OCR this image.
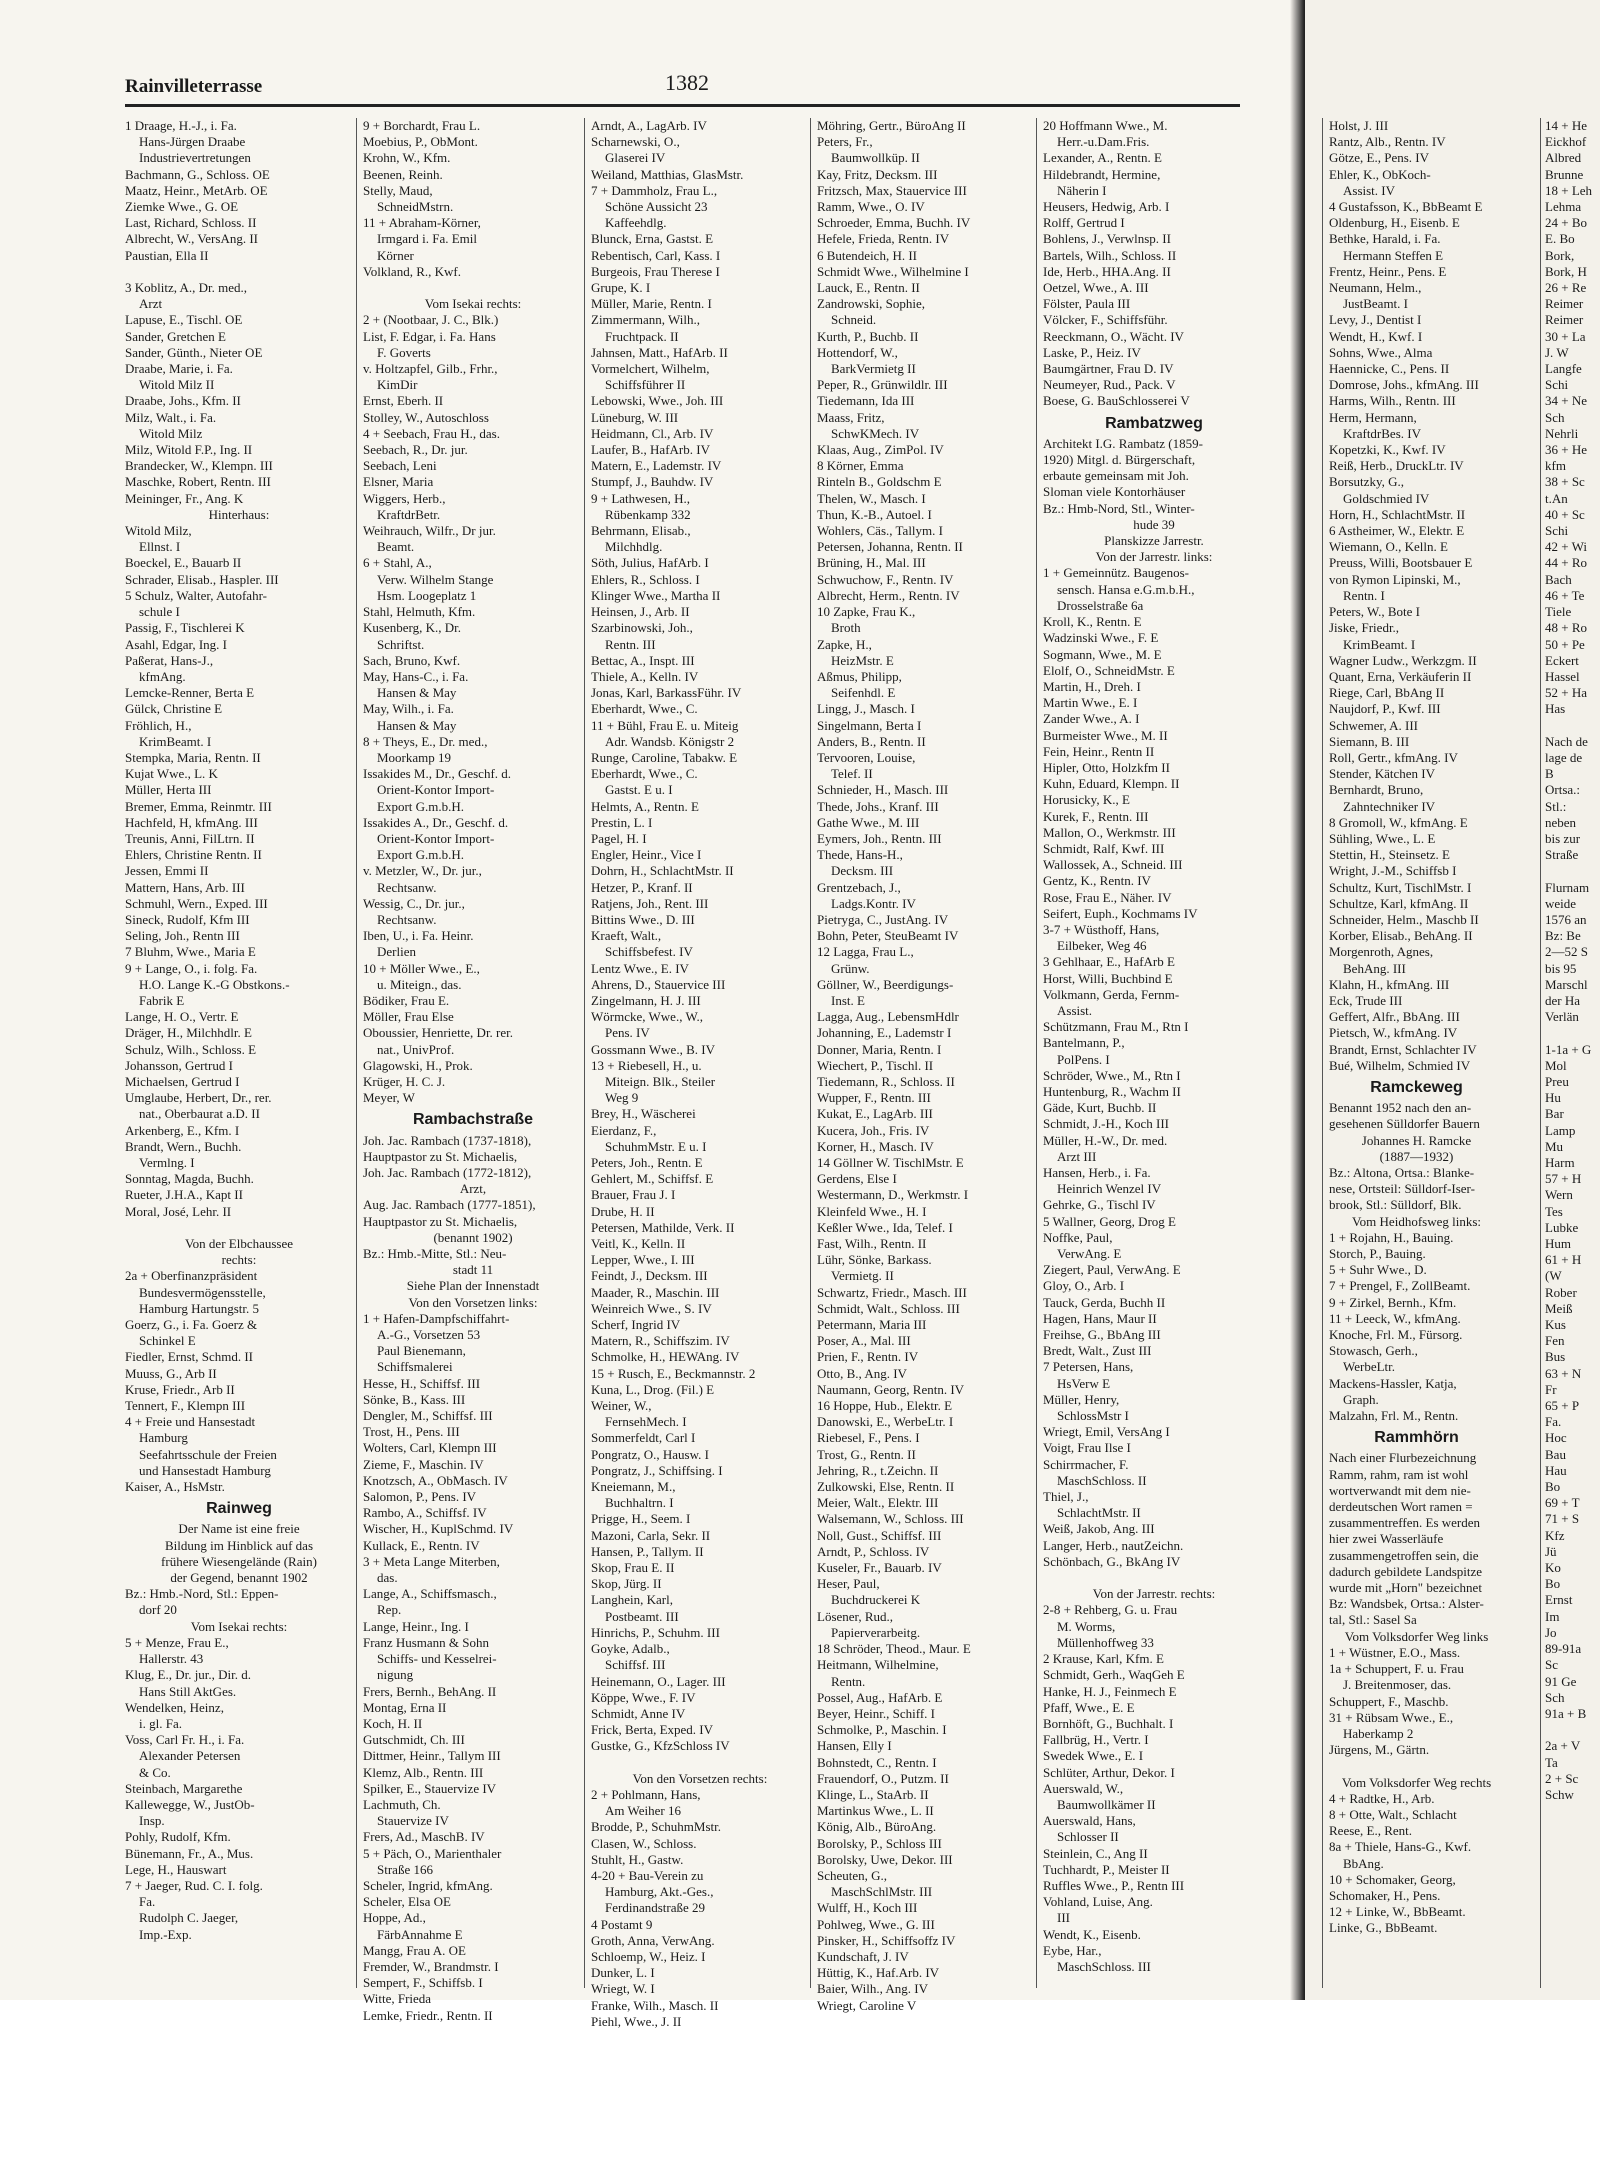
Rainvilleterrasse	1382
1 Draage, H.-J., i. Fa.
Hans-Jürgen Draabe
Industrievertretungen
Bachmann, G., Schloss. OE
Maatz, Heinr., MetArb. OE
Ziemke Wwe., G. OE
Last, Richard, Schloss. II
Albrecht, W., VersAng. II
Paustian, Ella II

3 Koblitz, A., Dr. med.,
Arzt
Lapuse, E., Tischl. OE
Sander, Gretchen E
Sander, Günth., Nieter OE
Draabe, Marie, i. Fa.
Witold Milz II
Draabe, Johs., Kfm. II
Milz, Walt., i. Fa.
Witold Milz
Milz, Witold F.P., Ing. II
Brandecker, W., Klempn. III
Maschke, Robert, Rentn. III
Meininger, Fr., Ang. K
Hinterhaus:
Witold Milz,
Ellnst. I
Boeckel, E., Bauarb II
Schrader, Elisab., Haspler. III
5 Schulz, Walter, Autofahr-
schule I
Passig, F., Tischlerei K
Asahl, Edgar, Ing. I
Paßerat, Hans-J.,
kfmAng.
Lemcke-Renner, Berta E
Gülck, Christine E
Fröhlich, H.,
KrimBeamt. I
Stempka, Maria, Rentn. II
Kujat Wwe., L. K
Müller, Herta III
Bremer, Emma, Reinmtr. III
Hachfeld, H, kfmAng. III
Treunis, Anni, FilLtrn. II
Ehlers, Christine Rentn. II
Jessen, Emmi II
Mattern, Hans, Arb. III
Schmuhl, Wern., Exped. III
Sineck, Rudolf, Kfm III
Seling, Joh., Rentn III
7 Bluhm, Wwe., Maria E
9 + Lange, O., i. folg. Fa.
H.O. Lange K.-G Obstkons.-
Fabrik E
Lange, H. O., Vertr. E
Dräger, H., Milchhdlr. E
Schulz, Wilh., Schloss. E
Johansson, Gertrud I
Michaelsen, Gertrud I
Umglaube, Herbert, Dr., rer.
nat., Oberbaurat a.D. II
Arkenberg, E., Kfm. I
Brandt, Wern., Buchh.
Vermlng. I
Sonntag, Magda, Buchh.
Rueter, J.H.A., Kapt II
Moral, José, Lehr. II

Von der Elbchaussee
rechts:
2a + Oberfinanzpräsident
Bundesvermögensstelle,
Hamburg Hartungstr. 5
Goerz, G., i. Fa. Goerz &
Schinkel E
Fiedler, Ernst, Schmd. II
Muuss, G., Arb II
Kruse, Friedr., Arb II
Tennert, F., Klempn III
4 + Freie und Hansestadt
Hamburg
Seefahrtsschule der Freien
und Hansestadt Hamburg
Kaiser, A., HsMstr.
Rainweg
Der Name ist eine freie
Bildung im Hinblick auf das
frühere Wiesengelände (Rain)
der Gegend, benannt 1902
Bz.: Hmb.-Nord, Stl.: Eppen-
dorf 20
Vom Isekai rechts:
5 + Menze, Frau E.,
Hallerstr. 43
Klug, E., Dr. jur., Dir. d.
Hans Still AktGes.
Wendelken, Heinz,
i. gl. Fa.
Voss, Carl Fr. H., i. Fa.
Alexander Petersen
& Co.
Steinbach, Margarethe
Kallewegge, W., JustOb-
Insp.
Pohly, Rudolf, Kfm.
Bünemann, Fr., A., Mus.
Lege, H., Hauswart
7 + Jaeger, Rud. C. I. folg.
Fa.
Rudolph C. Jaeger,
Imp.-Exp.
9 + Borchardt, Frau L.
Moebius, P., ObMont.
Krohn, W., Kfm.
Beenen, Reinh.
Stelly, Maud,
SchneidMstrn.
11 + Abraham-Körner,
Irmgard i. Fa. Emil
Körner
Volkland, R., Kwf.

Vom Isekai rechts:
2 + (Nootbaar, J. C., Blk.)
List, F. Edgar, i. Fa. Hans
F. Goverts
v. Holtzapfel, Gilb., Frhr.,
KimDir
Ernst, Eberh. II
Stolley, W., Autoschloss
4 + Seebach, Frau H., das.
Seebach, R., Dr. jur.
Seebach, Leni
Elsner, Maria
Wiggers, Herb.,
KraftdrBetr.
Weihrauch, Wilfr., Dr jur.
Beamt.
6 + Stahl, A.,
Verw. Wilhelm Stange
Hsm. Loogeplatz 1
Stahl, Helmuth, Kfm.
Kusenberg, K., Dr.
Schriftst.
Sach, Bruno, Kwf.
May, Hans-C., i. Fa.
Hansen & May
May, Wilh., i. Fa.
Hansen & May
8 + Theys, E., Dr. med.,
Moorkamp 19
Issakides M., Dr., Geschf. d.
Orient-Kontor Import-
Export G.m.b.H.
Issakides A., Dr., Geschf. d.
Orient-Kontor Import-
Export G.m.b.H.
v. Metzler, W., Dr. jur.,
Rechtsanw.
Wessig, C., Dr. jur.,
Rechtsanw.
Iben, U., i. Fa. Heinr.
Derlien
10 + Möller Wwe., E.,
u. Miteign., das.
Bödiker, Frau E.
Möller, Frau Else
Oboussier, Henriette, Dr. rer.
nat., UnivProf.
Glagowski, H., Prok.
Krüger, H. C. J.
Meyer, W
Rambachstraße
Joh. Jac. Rambach (1737-1818),
Hauptpastor zu St. Michaelis,
Joh. Jac. Rambach (1772-1812),
Arzt,
Aug. Jac. Rambach (1777-1851),
Hauptpastor zu St. Michaelis,
(benannt 1902)
Bz.: Hmb.-Mitte, Stl.: Neu-
stadt 11
Siehe Plan der Innenstadt
Von den Vorsetzen links:
1 + Hafen-Dampfschiffahrt-
A.-G., Vorsetzen 53
Paul Bienemann,
Schiffsmalerei
Hesse, H., Schiffsf. III
Sönke, B., Kass. III
Dengler, M., Schiffsf. III
Trost, H., Pens. III
Wolters, Carl, Klempn III
Zieme, F., Maschin. IV
Knotzsch, A., ObMasch. IV
Salomon, P., Pens. IV
Rambo, A., Schiffsf. IV
Wischer, H., KuplSchmd. IV
Kullack, E., Rentn. IV
3 + Meta Lange Miterben,
das.
Lange, A., Schiffsmasch.,
Rep.
Lange, Heinr., Ing. I
Franz Husmann & Sohn
Schiffs- und Kesselrei-
nigung
Frers, Bernh., BehAng. II
Montag, Erna II
Koch, H. II
Gutschmidt, Ch. III
Dittmer, Heinr., Tallym III
Klemz, Alb., Rentn. III
Spilker, E., Stauervize IV
Lachmuth, Ch.
Stauervize IV
Frers, Ad., MaschB. IV
5 + Päch, O., Marienthaler
Straße 166
Scheler, Ingrid, kfmAng.
Scheler, Elsa OE
Hoppe, Ad.,
FärbAnnahme E
Mangg, Frau A. OE
Fremder, W., Brandmstr. I
Sempert, F., Schiffsb. I
Witte, Frieda
Lemke, Friedr., Rentn. II
Arndt, A., LagArb. IV
Scharnewski, O.,
Glaserei IV
Weiland, Matthias, GlasMstr.
7 + Dammholz, Frau L.,
Schöne Aussicht 23
Kaffeehdlg.
Blunck, Erna, Gastst. E
Rebentisch, Carl, Kass. I
Burgeois, Frau Therese I
Grupe, K. I
Müller, Marie, Rentn. I
Zimmermann, Wilh.,
Fruchtpack. II
Jahnsen, Matt., HafArb. II
Vormelchert, Wilhelm,
Schiffsführer II
Lebowski, Wwe., Joh. III
Lüneburg, W. III
Heidmann, Cl., Arb. IV
Laufer, B., HafArb. IV
Matern, E., Lademstr. IV
Stumpf, J., Bauhdw. IV
9 + Lathwesen, H.,
Rübenkamp 332
Behrmann, Elisab.,
Milchhdlg.
Söth, Julius, HafArb. I
Ehlers, R., Schloss. I
Klinger Wwe., Martha II
Heinsen, J., Arb. II
Szarbinowski, Joh.,
Rentn. III
Bettac, A., Inspt. III
Thiele, A., Kelln. IV
Jonas, Karl, BarkassFühr. IV
Eberhardt, Wwe., C.
11 + Bühl, Frau E. u. Miteig
Adr. Wandsb. Königstr 2
Runge, Caroline, Tabakw. E
Eberhardt, Wwe., C.
Gastst. E u. I
Helmts, A., Rentn. E
Prestin, L. I
Pagel, H. I
Engler, Heinr., Vice I
Dohrn, H., SchlachtMstr. II
Hetzer, P., Kranf. II
Ratjens, Joh., Rent. III
Bittins Wwe., D. III
Kraeft, Walt.,
Schiffsbefest. IV
Lentz Wwe., E. IV
Ahrens, D., Stauervice III
Zingelmann, H. J. III
Wörmcke, Wwe., W.,
Pens. IV
Gossmann Wwe., B. IV
13 + Riebesell, H., u.
Miteign. Blk., Steiler
Weg 9
Brey, H., Wäscherei
Eierdanz, F.,
SchuhmMstr. E u. I
Peters, Joh., Rentn. E
Gehlert, M., Schiffsf. E
Brauer, Frau J. I
Drube, H. II
Petersen, Mathilde, Verk. II
Veitl, K., Kelln. II
Lepper, Wwe., I. III
Feindt, J., Decksm. III
Maader, R., Maschin. III
Weinreich Wwe., S. IV
Scherf, Ingrid IV
Matern, R., Schiffszim. IV
Schmolke, H., HEWAng. IV
15 + Rusch, E., Beckmannstr. 2
Kuna, L., Drog. (Fil.) E
Weiner, W.,
FernsehMech. I
Sommerfeldt, Carl I
Pongratz, O., Hausw. I
Pongratz, J., Schiffsing. I
Kneiemann, M.,
Buchhaltrn. I
Prigge, H., Seem. I
Mazoni, Carla, Sekr. II
Hansen, P., Tallym. II
Skop, Frau E. II
Skop, Jürg. II
Langhein, Karl,
Postbeamt. III
Hinrichs, P., Schuhm. III
Goyke, Adalb.,
Schiffsf. III
Heinemann, O., Lager. III
Köppe, Wwe., F. IV
Schmidt, Anne IV
Frick, Berta, Exped. IV
Gustke, G., KfzSchloss IV

Von den Vorsetzen rechts:
2 + Pohlmann, Hans,
Am Weiher 16
Brodde, P., SchuhmMstr.
Clasen, W., Schloss.
Stuhlt, H., Gastw.
4-20 + Bau-Verein zu
Hamburg, Akt.-Ges.,
Ferdinandstraße 29
4 Postamt 9
Groth, Anna, VerwAng.
Schloemp, W., Heiz. I
Dunker, L. I
Wriegt, W. I
Franke, Wilh., Masch. II
Piehl, Wwe., J. II
Möhring, Gertr., BüroAng II
Peters, Fr.,
Baumwollküp. II
Kay, Fritz, Decksm. III
Fritzsch, Max, Stauervice III
Ramm, Wwe., O. IV
Schroeder, Emma, Buchh. IV
Hefele, Frieda, Rentn. IV
6 Butendeich, H. II
Schmidt Wwe., Wilhelmine I
Lauck, E., Rentn. II
Zandrowski, Sophie,
Schneid.
Kurth, P., Buchb. II
Hottendorf, W.,
BarkVermietg II
Peper, R., Grünwildlr. III
Tiedemann, Ida III
Maass, Fritz,
SchwKMech. IV
Klaas, Aug., ZimPol. IV
8 Körner, Emma
Rinteln B., Goldschm E
Thelen, W., Masch. I
Thun, K.-B., Autoel. I
Wohlers, Cäs., Tallym. I
Petersen, Johanna, Rentn. II
Brüning, H., Mal. III
Schwuchow, F., Rentn. IV
Albrecht, Herm., Rentn. IV
10 Zapke, Frau K.,
Broth
Zapke, H.,
HeizMstr. E
Aßmus, Philipp,
Seifenhdl. E
Lingg, J., Masch. I
Singelmann, Berta I
Anders, B., Rentn. II
Tervooren, Louise,
Telef. II
Schnieder, H., Masch. III
Thede, Johs., Kranf. III
Gathe Wwe., M. III
Eymers, Joh., Rentn. III
Thede, Hans-H.,
Decksm. III
Grentzebach, J.,
Ladgs.Kontr. IV
Pietryga, C., JustAng. IV
Bohn, Peter, SteuBeamt IV
12 Lagga, Frau L.,
Grünw.
Göllner, W., Beerdigungs-
Inst. E
Lagga, Aug., LebensmHdlr
Johanning, E., Lademstr I
Donner, Maria, Rentn. I
Wiechert, P., Tischl. II
Tiedemann, R., Schloss. II
Wupper, F., Rentn. III
Kukat, E., LagArb. III
Kucera, Joh., Fris. IV
Korner, H., Masch. IV
14 Göllner W. TischlMstr. E
Gerdens, Else I
Westermann, D., Werkmstr. I
Kleinfeld Wwe., H. I
Keßler Wwe., Ida, Telef. I
Fast, Wilh., Rentn. II
Lühr, Sönke, Barkass.
Vermietg. II
Schwartz, Friedr., Masch. III
Schmidt, Walt., Schloss. III
Petermann, Maria III
Poser, A., Mal. III
Prien, F., Rentn. IV
Otto, B., Ang. IV
Naumann, Georg, Rentn. IV
16 Hoppe, Hub., Elektr. E
Danowski, E., WerbeLtr. I
Riebesel, F., Pens. I
Trost, G., Rentn. II
Jehring, R., t.Zeichn. II
Zulkowski, Else, Rentn. II
Meier, Walt., Elektr. III
Walsemann, W., Schloss. III
Noll, Gust., Schiffsf. III
Arndt, P., Schloss. IV
Kuseler, Fr., Bauarb. IV
Heser, Paul,
Buchdruckerei K
Lösener, Rud.,
Papierverarbeitg.
18 Schröder, Theod., Maur. E
Heitmann, Wilhelmine,
Rentn.
Possel, Aug., HafArb. E
Beyer, Heinr., Schiff. I
Schmolke, P., Maschin. I
Hansen, Elly I
Bohnstedt, C., Rentn. I
Frauendorf, O., Putzm. II
Klinge, L., StaArb. II
Martinkus Wwe., L. II
König, Alb., BüroAng.
Borolsky, P., Schloss III
Borolsky, Uwe, Dekor. III
Scheuten, G.,
MaschSchlMstr. III
Wulff, H., Koch III
Pohlweg, Wwe., G. III
Pinsker, H., Schiffsoffz IV
Kundschaft, J. IV
Hüttig, K., Haf.Arb. IV
Baier, Wilh., Ang. IV
Wriegt, Caroline V
20 Hoffmann Wwe., M.
Herr.-u.Dam.Fris.
Lexander, A., Rentn. E
Hildebrandt, Hermine,
Näherin I
Heusers, Hedwig, Arb. I
Rolff, Gertrud I
Bohlens, J., Verwlnsp. II
Bartels, Wilh., Schloss. II
Ide, Herb., HHA.Ang. II
Oetzel, Wwe., A. III
Fölster, Paula III
Völcker, F., Schiffsführ.
Reeckmann, O., Wächt. IV
Laske, P., Heiz. IV
Baumgärtner, Frau D. IV
Neumeyer, Rud., Pack. V
Boese, G. BauSchlosserei V
Rambatzweg
Architekt I.G. Rambatz (1859-
1920) Mitgl. d. Bürgerschaft,
erbaute gemeinsam mit Joh.
Sloman viele Kontorhäuser
Bz.: Hmb-Nord, Stl., Winter-
hude 39
Planskizze Jarrestr.
Von der Jarrestr. links:
1 + Gemeinnütz. Baugenos-
sensch. Hansa e.G.m.b.H.,
Drosselstraße 6a
Kroll, K., Rentn. E
Wadzinski Wwe., F. E
Sogmann, Wwe., M. E
Elolf, O., SchneidMstr. E
Martin, H., Dreh. I
Martin Wwe., E. I
Zander Wwe., A. I
Burmeister Wwe., M. II
Fein, Heinr., Rentn II
Hipler, Otto, Holzkfm II
Kuhn, Eduard, Klempn. II
Horusicky, K., E
Kurek, F., Rentn. III
Mallon, O., Werkmstr. III
Schmidt, Ralf, Kwf. III
Wallossek, A., Schneid. III
Gentz, K., Rentn. IV
Rose, Frau E., Näher. IV
Seifert, Euph., Kochmams IV
3-7 + Wüsthoff, Hans,
Eilbeker, Weg 46
3 Gehlhaar, E., HafArb E
Horst, Willi, Buchbind E
Volkmann, Gerda, Fernm-
Assist.
Schützmann, Frau M., Rtn I
Bantelmann, P.,
PolPens. I
Schröder, Wwe., M., Rtn I
Huntenburg, R., Wachm II
Gäde, Kurt, Buchb. II
Schmidt, J.-H., Koch III
Müller, H.-W., Dr. med.
Arzt III
Hansen, Herb., i. Fa.
Heinrich Wenzel IV
Gehrke, G., Tischl IV
5 Wallner, Georg, Drog E
Noffke, Paul,
VerwAng. E
Ziegert, Paul, VerwAng. E
Gloy, O., Arb. I
Tauck, Gerda, Buchh II
Hagen, Hans, Maur II
Freihse, G., BbAng III
Bredt, Walt., Zust III
7 Petersen, Hans,
HsVerw E
Müller, Henry,
SchlossMstr I
Wriegt, Emil, VersAng I
Voigt, Frau Ilse I
Schirrmacher, F.
MaschSchloss. II
Thiel, J.,
SchlachtMstr. II
Weiß, Jakob, Ang. III
Langer, Herb., nautZeichn.
Schönbach, G., BkAng IV

Von der Jarrestr. rechts:
2-8 + Rehberg, G. u. Frau
M. Worms,
Müllenhoffweg 33
2 Krause, Karl, Kfm. E
Schmidt, Gerh., WaqGeh E
Hanke, H. J., Feinmech E
Pfaff, Wwe., E. E
Bornhöft, G., Buchhalt. I
Fallbrüg, H., Vertr. I
Swedek Wwe., E. I
Schlüter, Arthur, Dekor. I
Auerswald, W.,
Baumwollkämer II
Auerswald, Hans,
Schlosser II
Steinlein, C., Ang II
Tuchhardt, P., Meister II
Ruffles Wwe., P., Rentn III
Vohland, Luise, Ang.
III
Wendt, K., Eisenb.
Eybe, Har.,
MaschSchloss. III
Holst, J. III
Rantz, Alb., Rentn. IV
Götze, E., Pens. IV
Ehler, K., ObKoch-
Assist. IV
4 Gustafsson, K., BbBeamt E
Oldenburg, H., Eisenb. E
Bethke, Harald, i. Fa.
Hermann Steffen E
Frentz, Heinr., Pens. E
Neumann, Helm.,
JustBeamt. I
Levy, J., Dentist I
Wendt, H., Kwf. I
Sohns, Wwe., Alma
Haennicke, C., Pens. II
Domrose, Johs., kfmAng. III
Harms, Wilh., Rentn. III
Herm, Hermann,
KraftdrBes. IV
Kopetzki, K., Kwf. IV
Reiß, Herb., DruckLtr. IV
Borsutzky, G.,
Goldschmied IV
Horn, H., SchlachtMstr. II
6 Astheimer, W., Elektr. E
Wiemann, O., Kelln. E
Preuss, Willi, Bootsbauer E
von Rymon Lipinski, M.,
Rentn. I
Peters, W., Bote I
Jiske, Friedr.,
KrimBeamt. I
Wagner Ludw., Werkzgm. II
Quant, Erna, Verkäuferin II
Riege, Carl, BbAng II
Naujdorf, P., Kwf. III
Schwemer, A. III
Siemann, B. III
Roll, Gertr., kfmAng. IV
Stender, Kätchen IV
Bernhardt, Bruno,
Zahntechniker IV
8 Gromoll, W., kfmAng. E
Sühling, Wwe., L. E
Stettin, H., Steinsetz. E
Wright, J.-M., Schiffsb I
Schultz, Kurt, TischlMstr. I
Schultze, Karl, kfmAng. II
Schneider, Helm., Maschb II
Korber, Elisab., BehAng. II
Morgenroth, Agnes,
BehAng. III
Klahn, H., kfmAng. III
Eck, Trude III
Geffert, Alfr., BbAng. III
Pietsch, W., kfmAng. IV
Brandt, Ernst, Schlachter IV
Bué, Wilhelm, Schmied IV
Ramckeweg
Benannt 1952 nach den an-
gesehenen Sülldorfer Bauern
Johannes H. Ramcke
(1887—1932)
Bz.: Altona, Ortsa.: Blanke-
nese, Ortsteil: Sülldorf-Iser-
brook, Stl.: Sülldorf, Blk.
Vom Heidhofsweg links:
1 + Rojahn, H., Bauing.
Storch, P., Bauing.
5 + Suhr Wwe., D.
7 + Prengel, F., ZollBeamt.
9 + Zirkel, Bernh., Kfm.
11 + Leeck, W., kfmAng.
Knoche, Frl. M., Fürsorg.
Stowasch, Gerh.,
WerbeLtr.
Mackens-Hassler, Katja,
Graph.
Malzahn, Frl. M., Rentn.
Rammhörn
Nach einer Flurbezeichnung
Ramm, rahm, ram ist wohl
wortverwandt mit dem nie-
derdeutschen Wort ramen =
zusammentreffen. Es werden
hier zwei Wasserläufe
zusammengetroffen sein, die
dadurch gebildete Landspitze
wurde mit „Horn" bezeichnet
Bz: Wandsbek, Ortsa.: Alster-
tal, Stl.: Sasel Sa
Vom Volksdorfer Weg links
1 + Wüstner, E.O., Mass.
1a + Schuppert, F. u. Frau
J. Breitenmoser, das.
Schuppert, F., Maschb.
31 + Rübsam Wwe., E.,
Haberkamp 2
Jürgens, M., Gärtn.

Vom Volksdorfer Weg rechts
4 + Radtke, H., Arb.
8 + Otte, Walt., Schlacht
Reese, E., Rent.
8a + Thiele, Hans-G., Kwf.
BbAng.
10 + Schomaker, Georg,
Schomaker, H., Pens.
12 + Linke, W., BbBeamt.
Linke, G., BbBeamt.
14 + He
Eickhof
Albred
Brunne
18 + Leh
Lehma
24 + Bo
E. Bo
Bork,
Bork, H
26 + Re
Reimer
Reimer
30 + La
J. W
Langfe
Schi
34 + Ne
Sch
Nehrli
36 + He
kfm
38 + Sc
t.An
40 + Sc
Schi
42 + Wi
44 + Ro
Bach
46 + Te
Tiele
48 + Ro
50 + Pe
Eckert
Hassel
52 + Ha
Has

Nach de
lage de
B
Ortsa.:
Stl.:
neben
bis zur
Straße

Flurnam
weide
1576 an
Bz: Be
2—52 S
bis 95
Marschl
der Ha
Verlän

1-1a + G
Mol
Preu
Hu
Bar
Lamp
Mu
Harm
57 + H
Wern
Tes
Lubke
Hum
61 + H
(W
Rober
Meiß
Kus
Fen
Bus
63 + N
Fr
65 + P
Fa.
Hoc
Bau
Hau
Bo
69 + T
71 + S
Kfz
Jü
Ko
Bo
Ernst
Im
Jo
89-91a
Sc
91 Ge
Sch
91a + B

2a + V
Ta
2 + Sc
Schw
